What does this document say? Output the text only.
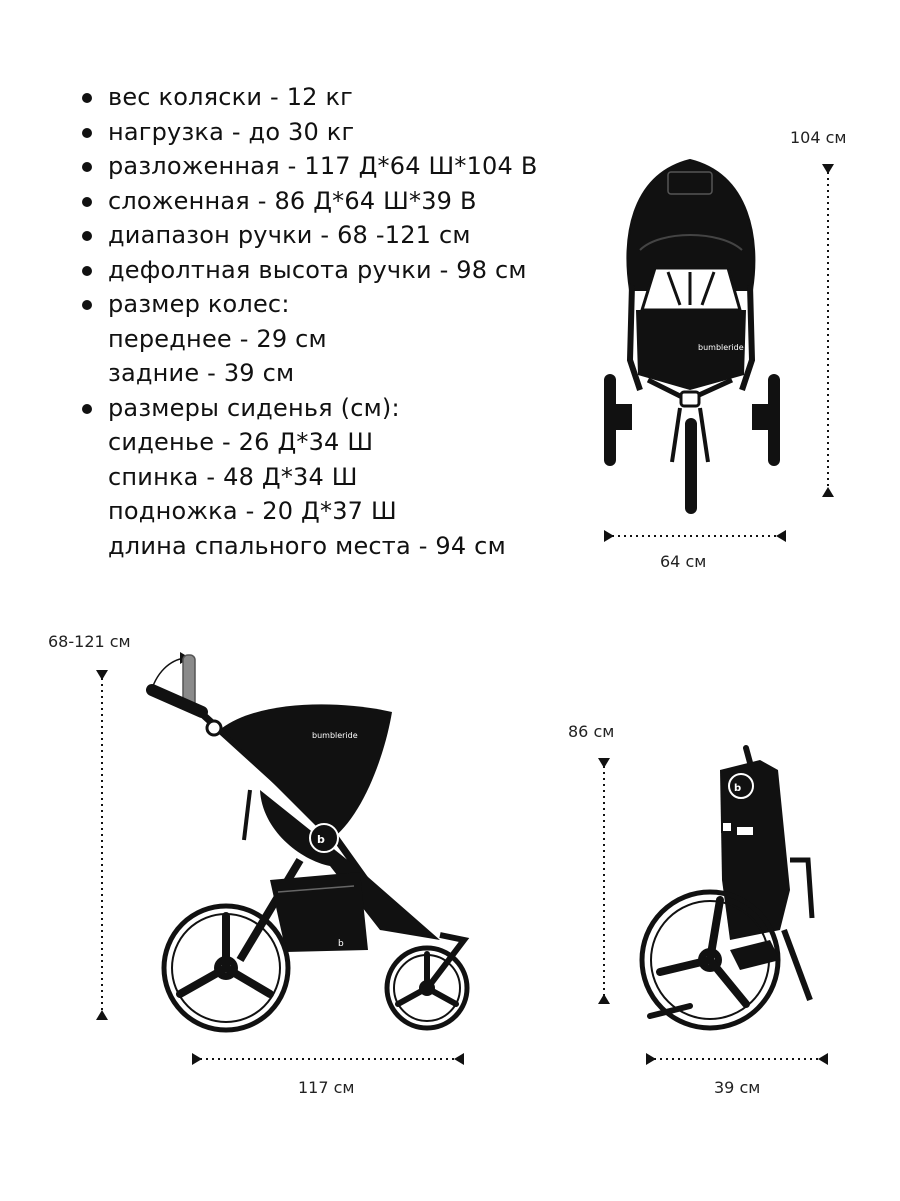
вес коляски - 12 кг
нагрузка - до 30 кг
разложенная - 117 Д*64 Ш*104 В
сложенная - 86 Д*64 Ш*39 В
диапазон ручки - 68 -121 см
дефолтная высота ручки - 98 см
размер колес:
переднее - 29 см
задние - 39 см
размеры сиденья (см):
сиденье - 26 Д*34 Ш
спинка - 48 Д*34 Ш
подножка - 20 Д*37 Ш
длина спального места - 94 см
104 см
64 см
68-121 см
117 см
86 см
39 см
bumbleride
bumbleride
b
b
b
